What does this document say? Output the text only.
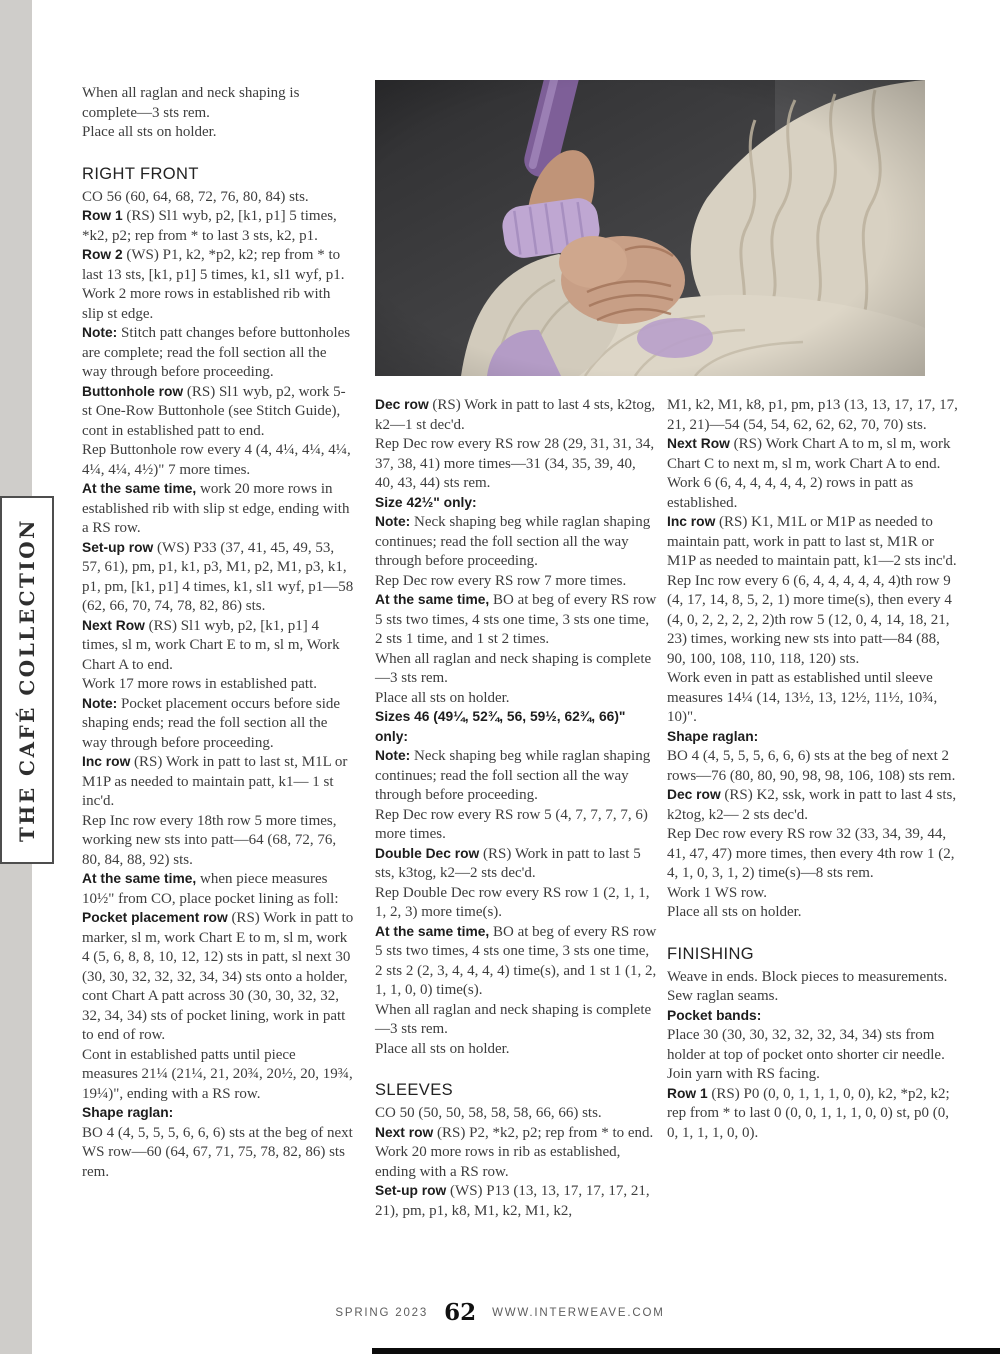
THE CAFÉ COLLECTION

When all raglan and neck shaping is complete—3 sts rem.

Place all sts on holder.

RIGHT FRONT

CO 56 (60, 64, 68, 72, 76, 80, 84) sts.

Row 1 (RS) Sl1 wyb, p2, [k1, p1] 5 times, *k2, p2; rep from * to last 3 sts, k2, p1.

Row 2 (WS) P1, k2, *p2, k2; rep from * to last 13 sts, [k1, p1] 5 times, k1, sl1 wyf, p1.

Work 2 more rows in established rib with slip st edge.

Note: Stitch patt changes before buttonholes are complete; read the foll section all the way through before proceeding.

Buttonhole row (RS) Sl1 wyb, p2, work 5-st One-Row Buttonhole (see Stitch Guide), cont in established patt to end.

Rep Buttonhole row every 4 (4, 4¼, 4¼, 4¼, 4¼, 4¼, 4½)" 7 more times.

At the same time, work 20 more rows in established rib with slip st edge, ending with a RS row.

Set-up row (WS) P33 (37, 41, 45, 49, 53, 57, 61), pm, p1, k1, p3, M1, p2, M1, p3, k1, p1, pm, [k1, p1] 4 times, k1, sl1 wyf, p1—58 (62, 66, 70, 74, 78, 82, 86) sts.

Next Row (RS) Sl1 wyb, p2, [k1, p1] 4 times, sl m, work Chart E to m, sl m, Work Chart A to end.

Work 17 more rows in established patt.

Note: Pocket placement occurs before side shaping ends; read the foll section all the way through before proceeding.

Inc row (RS) Work in patt to last st, M1L or M1P as needed to maintain patt, k1— 1 st inc'd.

Rep Inc row every 18th row 5 more times, working new sts into patt—64 (68, 72, 76, 80, 84, 88, 92) sts.

At the same time, when piece measures 10½" from CO, place pocket lining as foll:

Pocket placement row (RS) Work in patt to marker, sl m, work Chart E to m, sl m, work 4 (5, 6, 8, 8, 10, 12, 12) sts in patt, sl next 30 (30, 30, 32, 32, 32, 34, 34) sts onto a holder, cont Chart A patt across 30 (30, 30, 32, 32, 32, 34, 34) sts of pocket lining, work in patt to end of row.

Cont in established patts until piece measures 21¼ (21¼, 21, 20¾, 20½, 20, 19¾, 19¼)", ending with a RS row.

Shape raglan:

BO 4 (4, 5, 5, 5, 6, 6, 6) sts at the beg of next WS row—60 (64, 67, 71, 75, 78, 82, 86) sts rem.

Dec row (RS) Work in patt to last 4 sts, k2tog, k2—1 st dec'd.

Rep Dec row every RS row 28 (29, 31, 31, 34, 37, 38, 41) more times—31 (34, 35, 39, 40, 40, 43, 44) sts rem.

Size 42½" only:

Note: Neck shaping beg while raglan shaping continues; read the foll section all the way through before proceeding.

Rep Dec row every RS row 7 more times.

At the same time, BO at beg of every RS row 5 sts two times, 4 sts one time, 3 sts one time, 2 sts 1 time, and 1 st 2 times.

When all raglan and neck shaping is complete—3 sts rem.

Place all sts on holder.

Sizes 46 (49¼, 52¾, 56, 59½, 62¾, 66)" only:

Note: Neck shaping beg while raglan shaping continues; read the foll section all the way through before proceeding.

Rep Dec row every RS row 5 (4, 7, 7, 7, 7, 6) more times.

Double Dec row (RS) Work in patt to last 5 sts, k3tog, k2—2 sts dec'd.

Rep Double Dec row every RS row 1 (2, 1, 1, 1, 2, 3) more time(s).

At the same time, BO at beg of every RS row 5 sts two times, 4 sts one time, 3 sts one time, 2 sts 2 (2, 3, 4, 4, 4, 4) time(s), and 1 st 1 (1, 2, 1, 1, 0, 0) time(s).

When all raglan and neck shaping is complete—3 sts rem.

Place all sts on holder.

SLEEVES

CO 50 (50, 50, 58, 58, 58, 66, 66) sts.

Next row (RS) P2, *k2, p2; rep from * to end.

Work 20 more rows in rib as established, ending with a RS row.

Set-up row (WS) P13 (13, 13, 17, 17, 17, 21, 21), pm, p1, k8, M1, k2, M1, k2,

M1, k2, M1, k8, p1, pm, p13 (13, 13, 17, 17, 17, 21, 21)—54 (54, 54, 62, 62, 62, 70, 70) sts.

Next Row (RS) Work Chart A to m, sl m, work Chart C to next m, sl m, work Chart A to end.

Work 6 (6, 4, 4, 4, 4, 4, 2) rows in patt as established.

Inc row (RS) K1, M1L or M1P as needed to maintain patt, work in patt to last st, M1R or M1P as needed to maintain patt, k1—2 sts inc'd.

Rep Inc row every 6 (6, 4, 4, 4, 4, 4, 4)th row 9 (4, 17, 14, 8, 5, 2, 1) more time(s), then every 4 (4, 0, 2, 2, 2, 2, 2)th row 5 (12, 0, 4, 14, 18, 21, 23) times, working new sts into patt—84 (88, 90, 100, 108, 110, 118, 120) sts.

Work even in patt as established until sleeve measures 14¼ (14, 13½, 13, 12½, 11½, 10¾, 10)".

Shape raglan:

BO 4 (4, 5, 5, 5, 6, 6, 6) sts at the beg of next 2 rows—76 (80, 80, 90, 98, 98, 106, 108) sts rem.

Dec row (RS) K2, ssk, work in patt to last 4 sts, k2tog, k2— 2 sts dec'd.

Rep Dec row every RS row 32 (33, 34, 39, 44, 41, 47, 47) more times, then every 4th row 1 (2, 4, 1, 0, 3, 1, 2) time(s)—8 sts rem.

Work 1 WS row.

Place all sts on holder.

FINISHING

Weave in ends. Block pieces to measurements. Sew raglan seams.

Pocket bands:

Place 30 (30, 30, 32, 32, 32, 34, 34) sts from holder at top of pocket onto shorter cir needle. Join yarn with RS facing.

Row 1 (RS) P0 (0, 0, 1, 1, 1, 0, 0), k2, *p2, k2; rep from * to last 0 (0, 0, 1, 1, 1, 0, 0) st, p0 (0, 0, 1, 1, 1, 0, 0).

SPRING 2023 62 WWW.INTERWEAVE.COM
